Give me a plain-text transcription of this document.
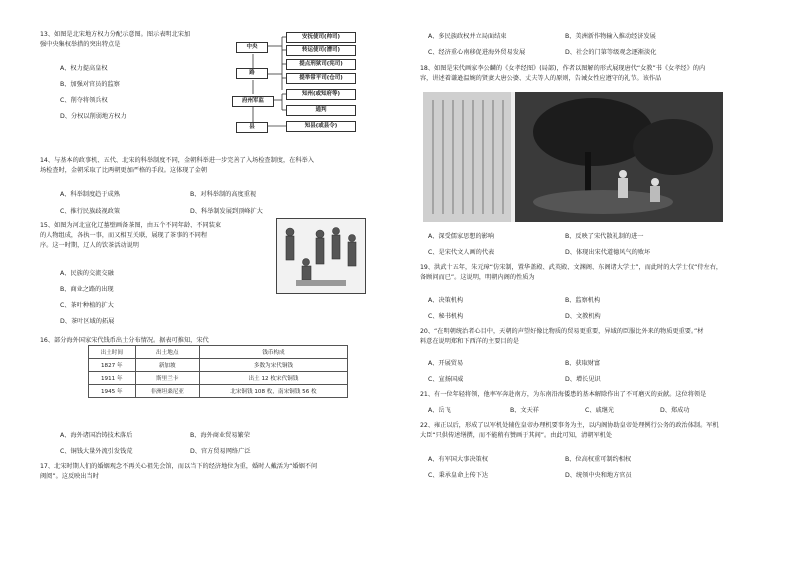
13、如图是北宋地方权力分配示意图。图示表明北宋加
强中央集权举措的突出特点是
A、权力提高皇权
B、加强对官员的监察
C、削夺将领兵权
D、分权以削弱地方权力
中央
路
府州军监
县
安抚使司(帅司)
转运使司(漕司)
提点刑狱司(宪司)
提举常平司(仓司)
知州(或知府等)
通判
知县(或县令)
14、与基本的政事机、五代、北宋的科举制度不同，金朝科举进一步完善了入场检查制度，在科举入
场检查时，金朝采取了比两朝更加严格的手段。这体现了金朝
A、科举制度趋于成熟	B、对科举制的高度重视
C、推行民族歧视政策	D、科举制发展到顶峰扩大
15、如图为河北宣化辽墓壁画备茶图，由五个不同年龄、不同装束
的人物组成，各执一事，而又相互关联，展现了茶事的不同程
序。这一时期，辽人的饮茶活动说明
A、民族的交流交融
B、商业之路的出现
C、茶叶种植的扩大
D、茶叶区域的拓展
16、部分海外国家宋代钱币出土分布情况。据表可推知，宋代
出土时间	出土地点	钱币构成
1827 年	新加坡	多数为宋代铜钱
1911 年	斯里兰卡	出土 12 枚宋代铜钱
1945 年	非洲坦桑尼亚	北宋铜钱 108 枚，南宋铜钱 56 枚
A、海外诸国冶铸技术落后	B、海外商业贸易繁荣
C、铜钱大量外流引发钱荒	D、官方贸易网络广泛
17、北宋时期人们的婚姻观念不再关心祖先会馆，而以当下的经济地位为重，婚时人戴活为“婚姻不问
阀阅”。这反映出当时
A、多民族政权并立局面结束	B、美洲新作物输入推动经济发展
C、经济重心南移促进海外贸易发展	D、社会的门第等级观念逐渐淡化
18、如图是宋代画家李公麟的《女孝经图》(局部)，作者以图解的形式展现唐代“女教”书《女孝经》的内
容，讲述着谦逊温婉的贤妻大唐公婆、丈夫等人的原则，告诫女性应遵守的礼节。该作品
A、深受儒家思想的影响	B、反映了宋代散礼制的进一
C、是宋代文人画的代表	D、体现出宋代道德风气的败坏
19、洪武十五年，朱元璋“仿宋制，置华盖殿、武英殿、文渊阁、东阁诸大学士”，而此时的大学士仅“侍左右，
备顾问而已”。这说明，明朝内阁的性质为
A、决策机构	B、监察机构
C、秘书机构	D、文教机构
20、“在明朝统治者心目中，天朝的声望好像比物质的贸易更重要，异域的臣服比外来的物质更重要。”材
料意在说明郑和下西洋的主要目的是
A、开展贸易	B、获取财富
C、宣扬国威	D、增长见识
21、有一位年轻将领，他率军奔赴南方，为东南沿海倭患的基本解除作出了不可磨灭的贡献。这位将领是
A、岳飞	B、文天祥	C、戚继光	D、郑成功
22、雍正以后，形成了以军机处辅佐皇帝办理机要事务为主，以内阁协助皇帝处理例行公务的政治体制。军机
大臣“只供传述缮撰，而不能稍有赞画于其间”。由此可知，清朝军机处
A、有军国大事决策权	B、位高权重可制约相权
C、秉承皇命上传下达	D、统领中央和地方官员
